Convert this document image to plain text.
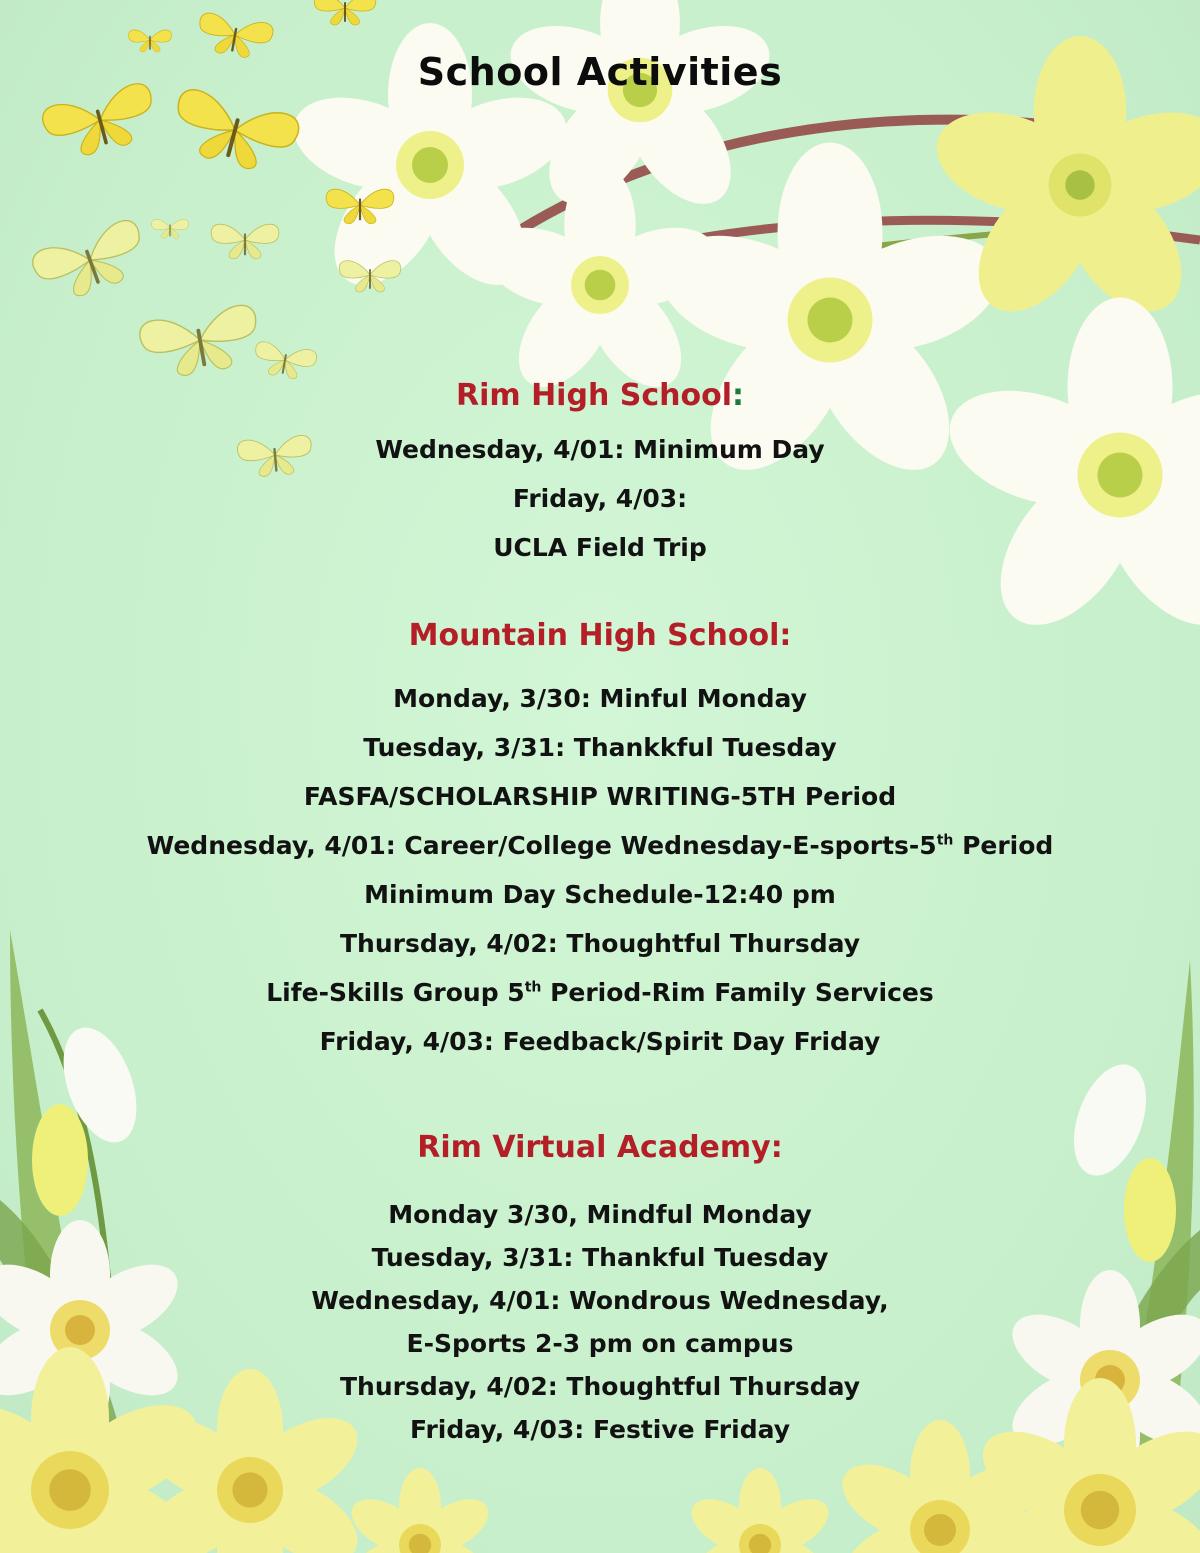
School Activities
Rim High School:
Wednesday, 4/01: Minimum Day
Friday, 4/03:
UCLA Field Trip
Mountain High School:
Monday, 3/30: Minful Monday
Tuesday, 3/31: Thankkful Tuesday
FASFA/SCHOLARSHIP WRITING-5TH Period
Wednesday, 4/01: Career/College Wednesday-E-sports-5th Period
Minimum Day Schedule-12:40 pm
Thursday, 4/02: Thoughtful Thursday
Life-Skills Group 5th Period-Rim Family Services
Friday, 4/03: Feedback/Spirit Day Friday
Rim Virtual Academy:
Monday 3/30, Mindful Monday
Tuesday, 3/31: Thankful Tuesday
Wednesday, 4/01: Wondrous Wednesday,
E-Sports 2-3 pm on campus
Thursday, 4/02: Thoughtful Thursday
Friday, 4/03: Festive Friday
